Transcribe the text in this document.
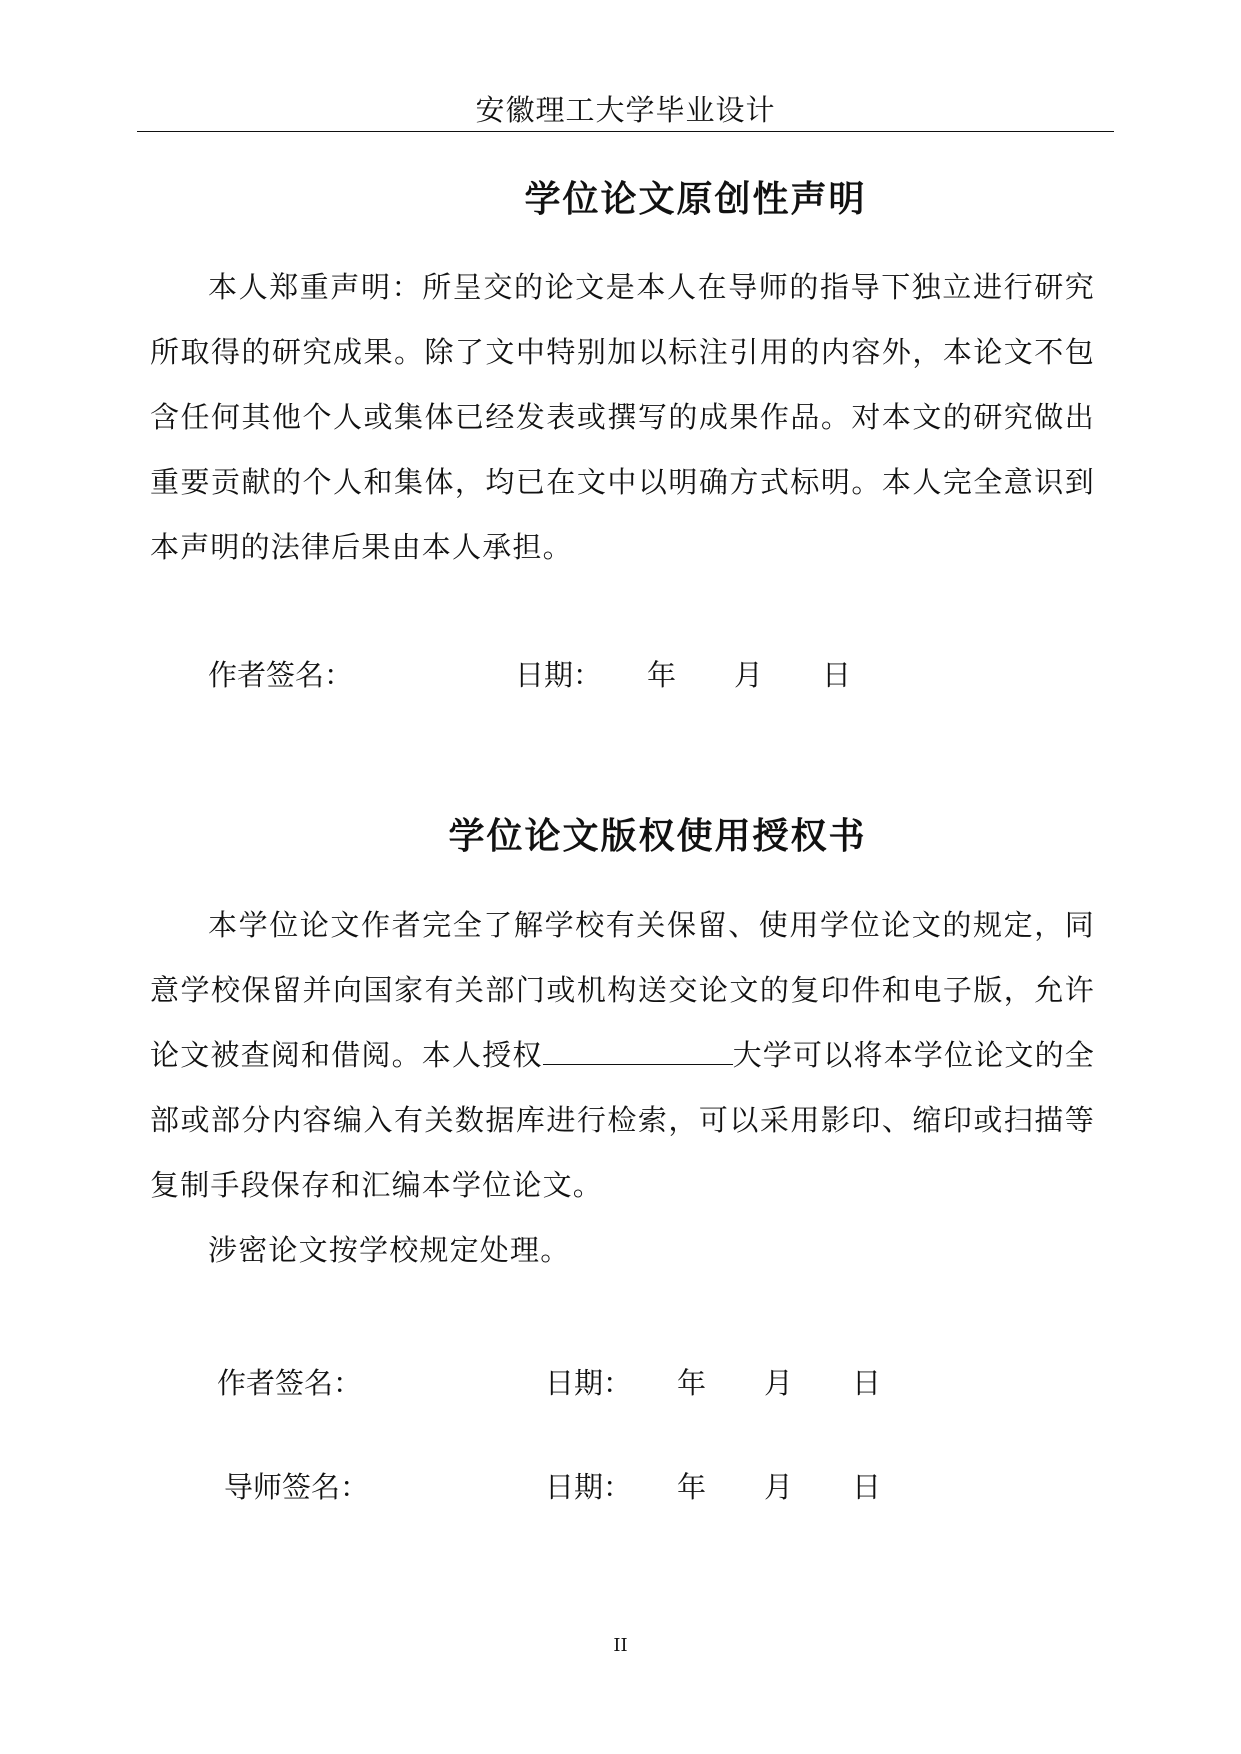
安徽理工大学毕业设计
学位论文原创性声明

本人郑重声明：所呈交的论文是本人在导师的指导下独立进行研究所取得的研究成果。除了文中特别加以标注引用的内容外，本论文不包含任何其他个人或集体已经发表或撰写的成果作品。对本文的研究做出重要贡献的个人和集体，均已在文中以明确方式标明。本人完全意识到本声明的法律后果由本人承担。

作者签名：	日期： 年 月 日
学位论文版权使用授权书

本学位论文作者完全了解学校有关保留、使用学位论文的规定，同意学校保留并向国家有关部门或机构送交论文的复印件和电子版，允许论文被查阅和借阅。本人授权	大学可以将本学位论文的全部或部分内容编入有关数据库进行检索，可以采用影印、缩印或扫描等复制手段保存和汇编本学位论文。

涉密论文按学校规定处理。

作者签名：	日期： 年 月 日
导师签名：	日期： 年 月 日
II
